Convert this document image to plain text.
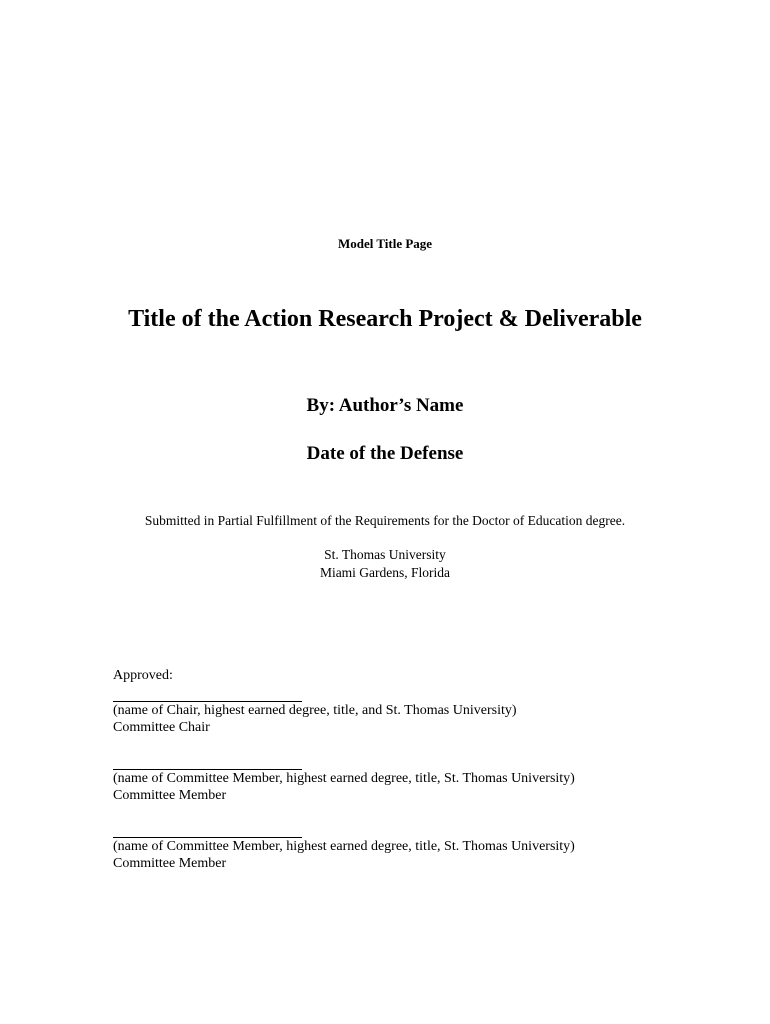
Model Title Page
Title of the Action Research Project & Deliverable
By: Author’s Name
Date of the Defense
Submitted in Partial Fulfillment of the Requirements for the Doctor of Education degree.
St. Thomas University
Miami Gardens, Florida

Approved:

(name of Chair, highest earned degree, title, and St. Thomas University)
Committee Chair
(name of Committee Member, highest earned degree, title, St. Thomas University)
Committee Member
(name of Committee Member, highest earned degree, title, St. Thomas University)
Committee Member
